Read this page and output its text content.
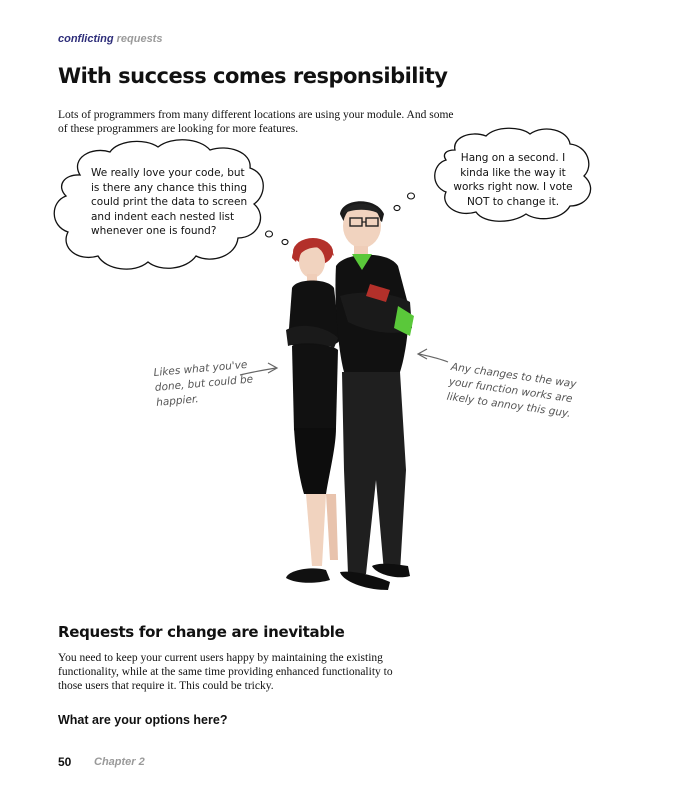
conflicting requests
With success comes responsibility
Lots of programmers from many different locations are using your module. And some of these programmers are looking for more features.
We really love your code, but is there any chance this thing could print the data to screen and indent each nested list whenever one is found?
Hang on a second. I kinda like the way it works right now. I vote NOT to change it.
Likes what you've done, but could be happier.
Any changes to the way your function works are likely to annoy this guy.
Requests for change are inevitable
You need to keep your current users happy by maintaining the existing functionality, while at the same time providing enhanced functionality to those users that require it. This could be tricky.
What are your options here?
50 Chapter 2
